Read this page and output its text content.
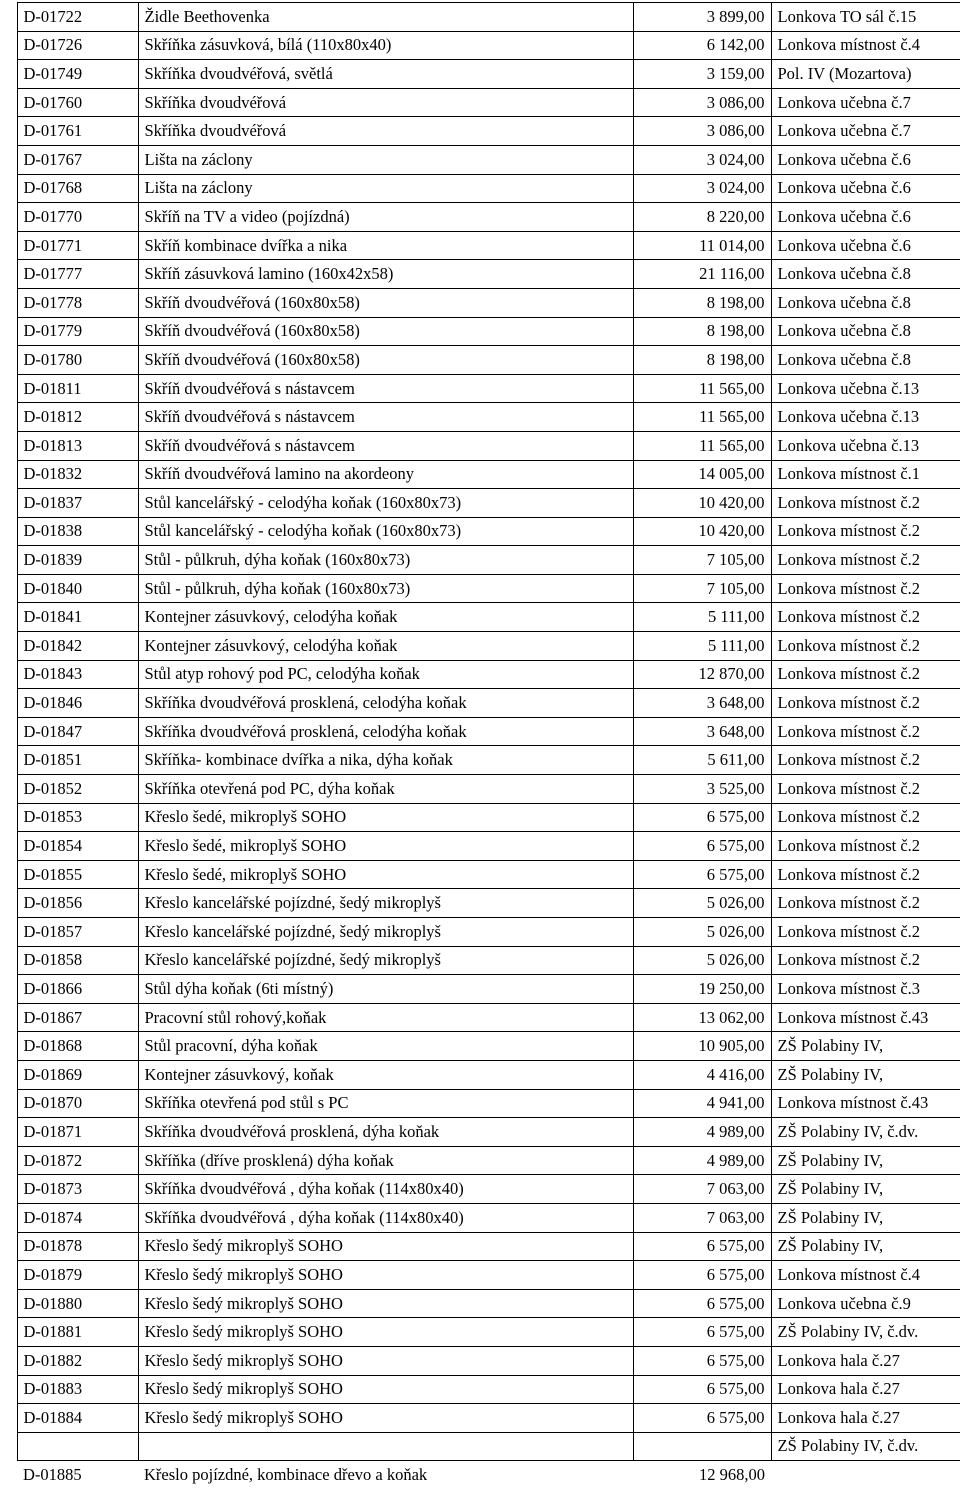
	D-01722	Židle Beethovenka	3 899,00	Lonkova TO sál č.15

	D-01726	Skříňka zásuvková, bílá (110x80x40)	6 142,00	Lonkova místnost č.4

	D-01749	Skříňka dvoudvéřová, světlá	3 159,00	Pol. IV (Mozartova)

	D-01760	Skříňka dvoudvéřová	3 086,00	Lonkova učebna č.7

	D-01761	Skříňka dvoudvéřová	3 086,00	Lonkova učebna č.7

	D-01767	Lišta na záclony	3 024,00	Lonkova učebna č.6

	D-01768	Lišta na záclony	3 024,00	Lonkova učebna č.6

	D-01770	Skříň na TV a video (pojízdná)	8 220,00	Lonkova učebna č.6

	D-01771	Skříň kombinace dvířka a nika	11 014,00	Lonkova učebna č.6

	D-01777	Skříň zásuvková lamino (160x42x58)	21 116,00	Lonkova učebna č.8

	D-01778	Skříň dvoudvéřová (160x80x58)	8 198,00	Lonkova učebna č.8

	D-01779	Skříň dvoudvéřová (160x80x58)	8 198,00	Lonkova učebna č.8

	D-01780	Skříň dvoudvéřová (160x80x58)	8 198,00	Lonkova učebna č.8

	D-01811	Skříň dvoudvéřová s nástavcem	11 565,00	Lonkova učebna č.13

	D-01812	Skříň dvoudvéřová s nástavcem	11 565,00	Lonkova učebna č.13

	D-01813	Skříň dvoudvéřová s nástavcem	11 565,00	Lonkova učebna č.13

	D-01832	Skříň dvoudvéřová lamino na akordeony	14 005,00	Lonkova místnost č.1

	D-01837	Stůl kancelářský - celodýha koňak (160x80x73)	10 420,00	Lonkova místnost č.2

	D-01838	Stůl kancelářský - celodýha koňak (160x80x73)	10 420,00	Lonkova místnost č.2

	D-01839	Stůl - půlkruh, dýha koňak (160x80x73)	7 105,00	Lonkova místnost č.2

	D-01840	Stůl - půlkruh, dýha koňak (160x80x73)	7 105,00	Lonkova místnost č.2

	D-01841	Kontejner zásuvkový, celodýha koňak	5 111,00	Lonkova místnost č.2

	D-01842	Kontejner zásuvkový, celodýha koňak	5 111,00	Lonkova místnost č.2

	D-01843	Stůl atyp rohový pod PC, celodýha koňak	12 870,00	Lonkova místnost č.2

	D-01846	Skříňka dvoudvéřová prosklená, celodýha koňak	3 648,00	Lonkova místnost č.2

	D-01847	Skříňka dvoudvéřová prosklená, celodýha koňak	3 648,00	Lonkova místnost č.2

	D-01851	Skříňka- kombinace dvířka a nika, dýha koňak	5 611,00	Lonkova místnost č.2

	D-01852	Skříňka otevřená pod PC, dýha koňak	3 525,00	Lonkova místnost č.2

	D-01853	Křeslo šedé, mikroplyš SOHO	6 575,00	Lonkova místnost č.2

	D-01854	Křeslo šedé, mikroplyš SOHO	6 575,00	Lonkova místnost č.2

	D-01855	Křeslo šedé, mikroplyš SOHO	6 575,00	Lonkova místnost č.2

	D-01856	Křeslo kancelářské pojízdné, šedý mikroplyš	5 026,00	Lonkova místnost č.2

	D-01857	Křeslo kancelářské pojízdné, šedý mikroplyš	5 026,00	Lonkova místnost č.2

	D-01858	Křeslo kancelářské pojízdné, šedý mikroplyš	5 026,00	Lonkova místnost č.2

	D-01866	Stůl dýha koňak (6ti místný)	19 250,00	Lonkova místnost č.3

	D-01867	Pracovní stůl rohový,koňak	13 062,00	Lonkova místnost č.43

	D-01868	Stůl pracovní, dýha koňak	10 905,00	ZŠ Polabiny IV,

	D-01869	Kontejner zásuvkový, koňak	4 416,00	ZŠ Polabiny IV,

	D-01870	Skříňka otevřená pod stůl s PC	4 941,00	Lonkova místnost č.43

	D-01871	Skříňka dvoudvéřová prosklená, dýha koňak	4 989,00	ZŠ Polabiny IV, č.dv.

	D-01872	Skříňka (dříve prosklená) dýha koňak	4 989,00	ZŠ Polabiny IV,

	D-01873	Skříňka dvoudvéřová , dýha koňak (114x80x40)	7 063,00	ZŠ Polabiny IV,

	D-01874	Skříňka dvoudvéřová , dýha koňak (114x80x40)	7 063,00	ZŠ Polabiny IV,

	D-01878	Křeslo šedý mikroplyš SOHO	6 575,00	ZŠ Polabiny IV,

	D-01879	Křeslo šedý mikroplyš SOHO	6 575,00	Lonkova místnost č.4

	D-01880	Křeslo šedý mikroplyš SOHO	6 575,00	Lonkova učebna č.9

	D-01881	Křeslo šedý mikroplyš SOHO	6 575,00	ZŠ Polabiny IV, č.dv.

	D-01882	Křeslo šedý mikroplyš SOHO	6 575,00	Lonkova hala č.27

	D-01883	Křeslo šedý mikroplyš SOHO	6 575,00	Lonkova hala č.27

	D-01884	Křeslo šedý mikroplyš SOHO	6 575,00	Lonkova hala č.27

				ZŠ Polabiny IV, č.dv.
	D-01885	Křeslo pojízdné, kombinace dřevo a koňak	12 968,00	
